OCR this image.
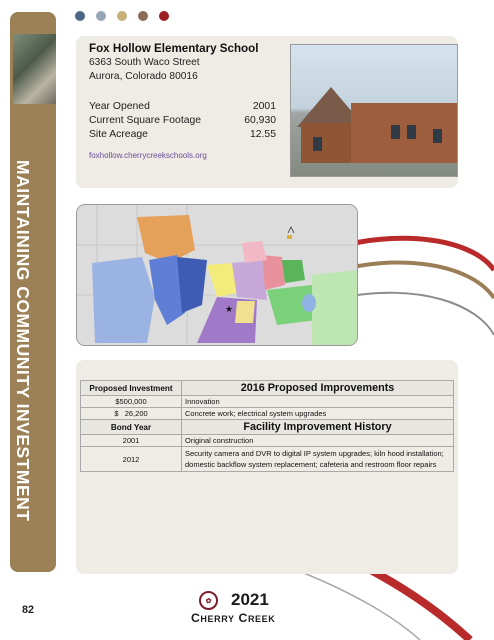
MAINTAINING COMMUNITY INVESTMENT
Fox Hollow Elementary School
6363 South Waco Street
Aurora, Colorado 80016
Year Opened	2001
Current Square Footage	60,930
Site Acreage	12.55
foxhollow.cherrycreekschools.org
★
Proposed Investment	2016 Proposed Improvements
$500,000	Innovation
$   26,200	Concrete work; electrical system upgrades
Bond Year	Facility Improvement History
2001	Original construction
2012	Security camera and DVR to digital IP system upgrades; kiln hood installation; domestic backflow system replacement; cafeteria and restroom floor repairs
82
✿	2021
Cherry Creek
